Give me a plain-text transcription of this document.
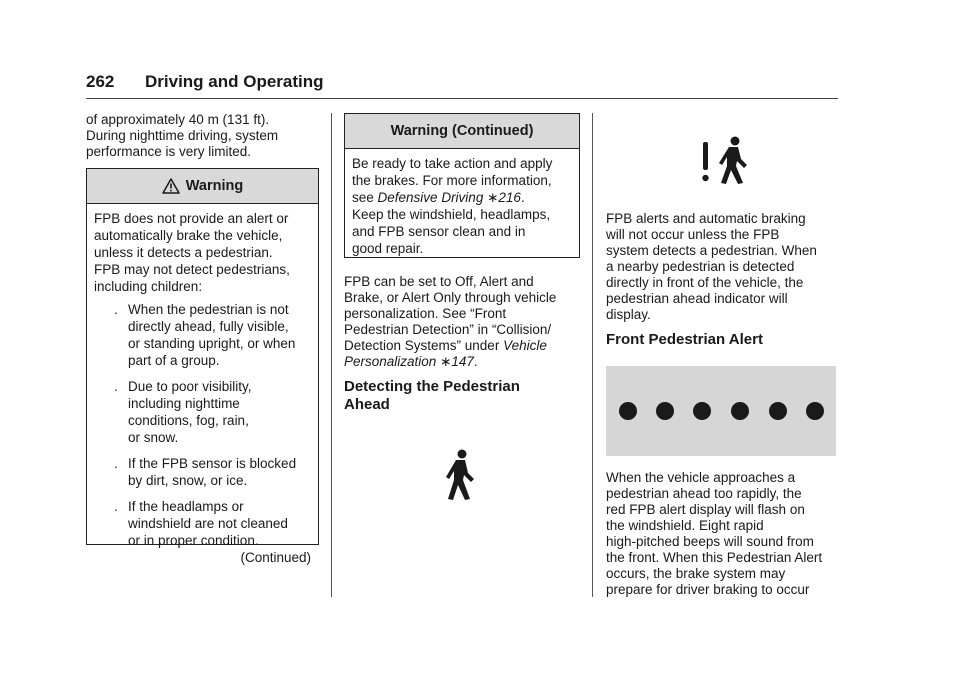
262 Driving and Operating
of approximately 40 m (131 ft).
During nighttime driving, system
performance is very limited.
Warning

FPB does not provide an alert or

automatically brake the vehicle,

unless it detects a pedestrian.

FPB may not detect pedestrians,

including children:

. When the pedestrian is not
directly ahead, fully visible,
or standing upright, or when
part of a group.
. Due to poor visibility,
including nighttime
conditions, fog, rain,
or snow.
. If the FPB sensor is blocked
by dirt, snow, or ice.
. If the headlamps or
windshield are not cleaned
or in proper condition.
(Continued)
Warning (Continued)

Be ready to take action and apply

the brakes. For more information,

see Defensive Driving ∗216.

Keep the windshield, headlamps,

and FPB sensor clean and in

good repair.

FPB can be set to Off, Alert and
Brake, or Alert Only through vehicle
personalization. See “Front
Pedestrian Detection” in “Collision/
Detection Systems” under Vehicle
Personalization ∗147.
Detecting the Pedestrian
Ahead
FPB alerts and automatic braking
will not occur unless the FPB
system detects a pedestrian. When
a nearby pedestrian is detected
directly in front of the vehicle, the
pedestrian ahead indicator will
display.
Front Pedestrian Alert
When the vehicle approaches a
pedestrian ahead too rapidly, the
red FPB alert display will flash on
the windshield. Eight rapid
high-pitched beeps will sound from
the front. When this Pedestrian Alert
occurs, the brake system may
prepare for driver braking to occur
